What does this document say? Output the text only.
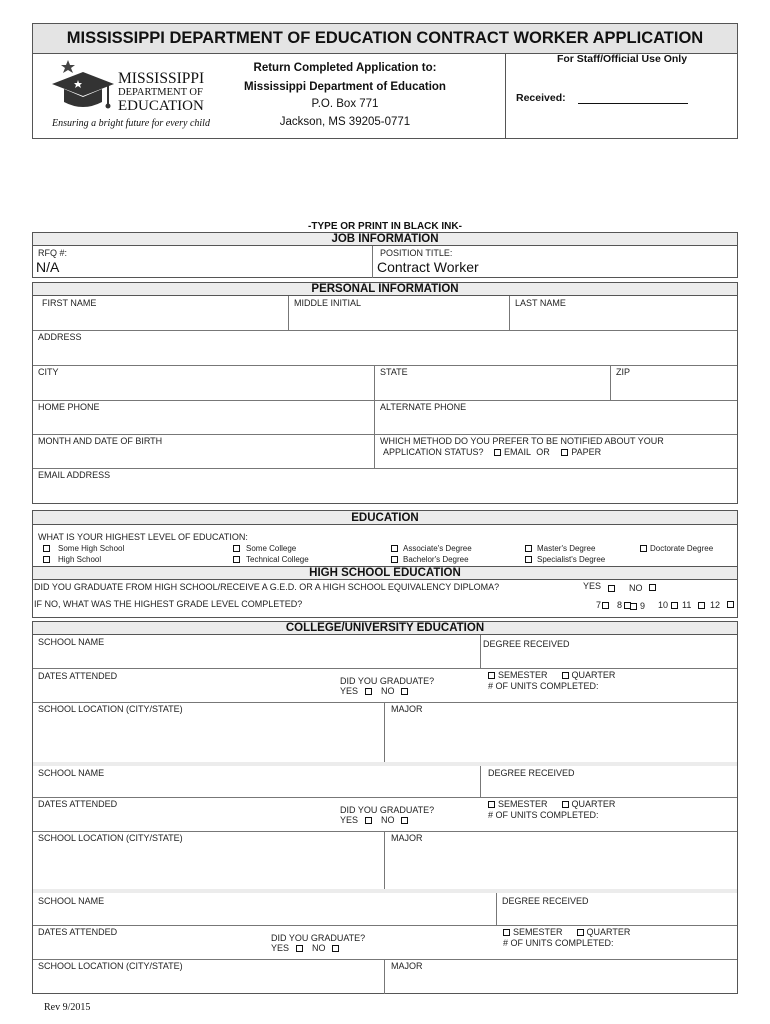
MISSISSIPPI DEPARTMENT OF EDUCATION CONTRACT WORKER APPLICATION
MISSISSIPPI
DEPARTMENT OF
EDUCATION
Ensuring a bright future for every child
Return Completed Application to:
Mississippi Department of Education
P.O. Box 771
Jackson, MS 39205-0771
For Staff/Official Use Only
Received:
-TYPE OR PRINT IN BLACK INK-
JOB INFORMATION
RFQ #:
N/A
POSITION TITLE:
Contract Worker
PERSONAL INFORMATION
FIRST NAME	MIDDLE INITIAL	LAST NAME
ADDRESS
CITY	STATE	ZIP
HOME PHONE	ALTERNATE PHONE
MONTH AND DATE OF BIRTH	WHICH METHOD DO YOU PREFER TO BE NOTIFIED ABOUT YOUR
APPLICATION STATUS? EMAIL OR PAPER
EMAIL ADDRESS
EDUCATION
WHAT IS YOUR HIGHEST LEVEL OF EDUCATION:
Some High School
High School
Some College
Technical College
Associate's Degree
Bachelor's Degree
Master's Degree
Specialist's Degree
Doctorate Degree
HIGH SCHOOL EDUCATION
DID YOU GRADUATE FROM HIGH SCHOOL/RECEIVE A G.E.D. OR A HIGH SCHOOL EQUIVALENCY DIPLOMA?	YES	NO
IF NO, WHAT WAS THE HIGHEST GRADE LEVEL COMPLETED?	7	8	9 10	11	12
COLLEGE/UNIVERSITY EDUCATION
SCHOOL NAME	DEGREE RECEIVED
DATES ATTENDED	DID YOU GRADUATE?
YES	NO
SEMESTER	QUARTER
# OF UNITS COMPLETED:
SCHOOL LOCATION (CITY/STATE)	MAJOR
SCHOOL NAME	DEGREE RECEIVED
DATES ATTENDED
DID YOU GRADUATE?
YES	NO
SEMESTER	QUARTER
# OF UNITS COMPLETED:
SCHOOL LOCATION (CITY/STATE)	MAJOR
SCHOOL NAME	DEGREE RECEIVED
DATES ATTENDED
DID YOU GRADUATE?
YES	NO
SEMESTER	QUARTER
# OF UNITS COMPLETED:
SCHOOL LOCATION (CITY/STATE)	MAJOR
Rev 9/2015
